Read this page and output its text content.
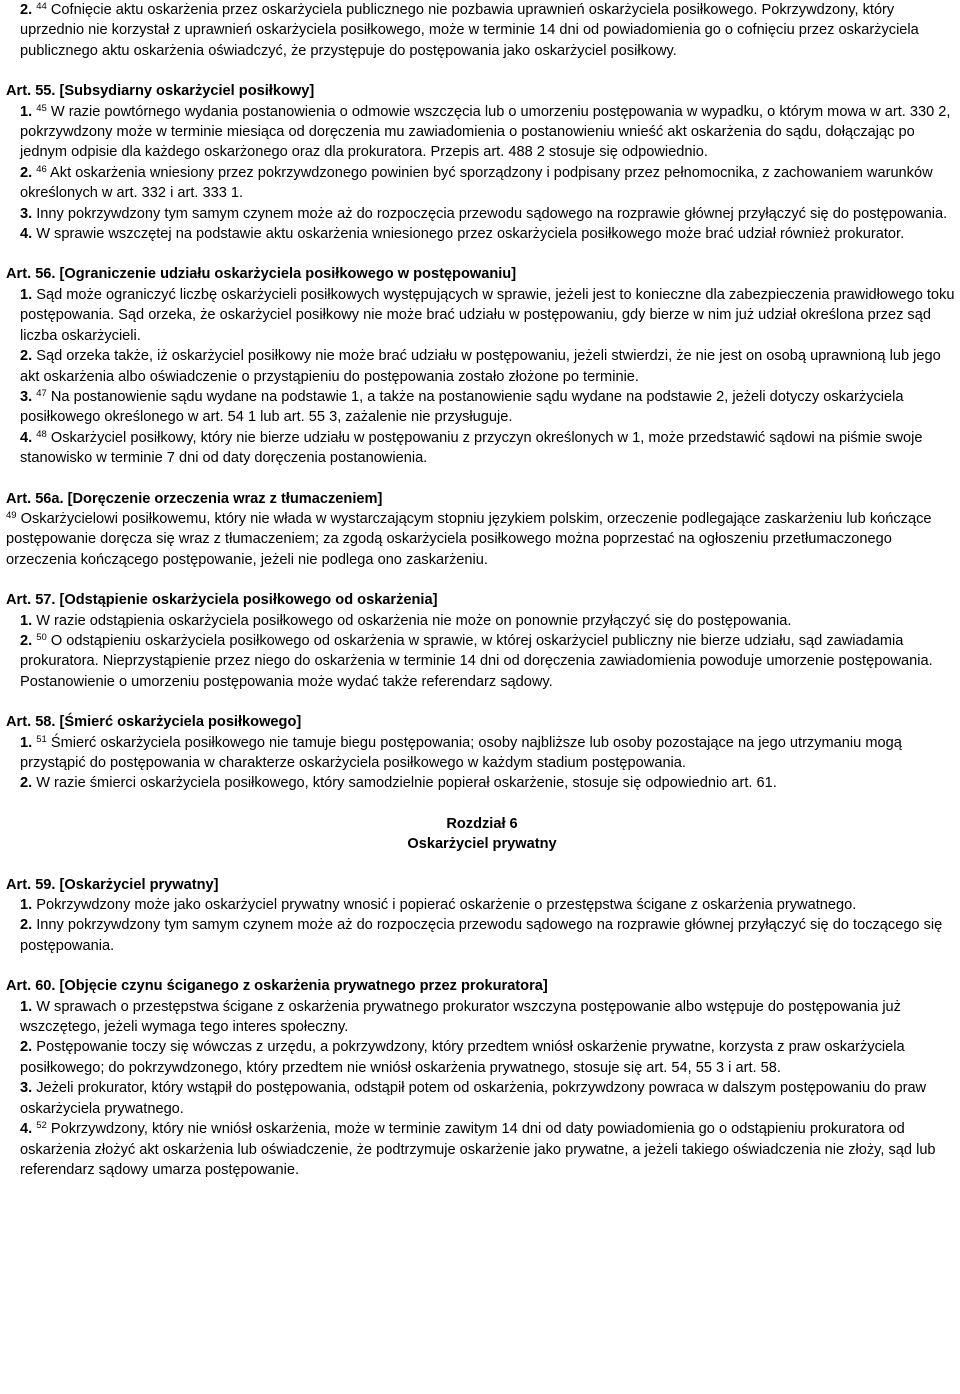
2. $^{44}$ Cofnięcie aktu oskarżenia przez oskarżyciela publicznego nie pozbawia uprawnień oskarżyciela posiłkowego. Pokrzywdzony, który uprzednio nie korzystał z uprawnień oskarżyciela posiłkowego, może w terminie 14 dni od powiadomienia go o cofnięciu przez oskarżyciela publicznego aktu oskarżenia oświadczyć, że przystępuje do postępowania jako oskarżyciel posiłkowy.

Art. 55. [Subsydiarny oskarżyciel posiłkowy]

1. $^{45}$ W razie powtórnego wydania postanowienia o odmowie wszczęcia lub o umorzeniu postępowania w wypadku, o którym mowa w art. 330 2, pokrzywdzony może w terminie miesiąca od doręczenia mu zawiadomienia o postanowieniu wnieść akt oskarżenia do sądu, dołączając po jednym odpisie dla każdego oskarżonego oraz dla prokuratora. Przepis art. 488 2 stosuje się odpowiednio.

2. $^{46}$ Akt oskarżenia wniesiony przez pokrzywdzonego powinien być sporządzony i podpisany przez pełnomocnika, z zachowaniem warunków określonych w art. 332 i art. 333 1.

3. Inny pokrzywdzony tym samym czynem może aż do rozpoczęcia przewodu sądowego na rozprawie głównej przyłączyć się do postępowania.

4. W sprawie wszczętej na podstawie aktu oskarżenia wniesionego przez oskarżyciela posiłkowego może brać udział również prokurator.

Art. 56. [Ograniczenie udziału oskarżyciela posiłkowego w postępowaniu]

1. Sąd może ograniczyć liczbę oskarżycieli posiłkowych występujących w sprawie, jeżeli jest to konieczne dla zabezpieczenia prawidłowego toku postępowania. Sąd orzeka, że oskarżyciel posiłkowy nie może brać udziału w postępowaniu, gdy bierze w nim już udział określona przez sąd liczba oskarżycieli.

2. Sąd orzeka także, iż oskarżyciel posiłkowy nie może brać udziału w postępowaniu, jeżeli stwierdzi, że nie jest on osobą uprawnioną lub jego akt oskarżenia albo oświadczenie o przystąpieniu do postępowania zostało złożone po terminie.

3. $^{47}$ Na postanowienie sądu wydane na podstawie 1, a także na postanowienie sądu wydane na podstawie 2, jeżeli dotyczy oskarżyciela posiłkowego określonego w art. 54 1 lub art. 55 3, zażalenie nie przysługuje.

4. $^{48}$ Oskarżyciel posiłkowy, który nie bierze udziału w postępowaniu z przyczyn określonych w 1, może przedstawić sądowi na piśmie swoje stanowisko w terminie 7 dni od daty doręczenia postanowienia.

Art. 56a. [Doręczenie orzeczenia wraz z tłumaczeniem]

$^{49}$ Oskarżycielowi posiłkowemu, który nie włada w wystarczającym stopniu językiem polskim, orzeczenie podlegające zaskarżeniu lub kończące postępowanie doręcza się wraz z tłumaczeniem; za zgodą oskarżyciela posiłkowego można poprzestać na ogłoszeniu przetłumaczonego orzeczenia kończącego postępowanie, jeżeli nie podlega ono zaskarżeniu.

Art. 57. [Odstąpienie oskarżyciela posiłkowego od oskarżenia]

1. W razie odstąpienia oskarżyciela posiłkowego od oskarżenia nie może on ponownie przyłączyć się do postępowania.

2. $^{50}$ O odstąpieniu oskarżyciela posiłkowego od oskarżenia w sprawie, w której oskarżyciel publiczny nie bierze udziału, sąd zawiadamia prokuratora. Nieprzystąpienie przez niego do oskarżenia w terminie 14 dni od doręczenia zawiadomienia powoduje umorzenie postępowania. Postanowienie o umorzeniu postępowania może wydać także referendarz sądowy.

Art. 58. [Śmierć oskarżyciela posiłkowego]

1. $^{51}$ Śmierć oskarżyciela posiłkowego nie tamuje biegu postępowania; osoby najbliższe lub osoby pozostające na jego utrzymaniu mogą przystąpić do postępowania w charakterze oskarżyciela posiłkowego w każdym stadium postępowania.

2. W razie śmierci oskarżyciela posiłkowego, który samodzielnie popierał oskarżenie, stosuje się odpowiednio art. 61.

Rozdział 6

Oskarżyciel prywatny

Art. 59. [Oskarżyciel prywatny]

1. Pokrzywdzony może jako oskarżyciel prywatny wnosić i popierać oskarżenie o przestępstwa ścigane z oskarżenia prywatnego.

2. Inny pokrzywdzony tym samym czynem może aż do rozpoczęcia przewodu sądowego na rozprawie głównej przyłączyć się do toczącego się postępowania.

Art. 60. [Objęcie czynu ściganego z oskarżenia prywatnego przez prokuratora]

1. W sprawach o przestępstwa ścigane z oskarżenia prywatnego prokurator wszczyna postępowanie albo wstępuje do postępowania już wszczętego, jeżeli wymaga tego interes społeczny.

2. Postępowanie toczy się wówczas z urzędu, a pokrzywdzony, który przedtem wniósł oskarżenie prywatne, korzysta z praw oskarżyciela posiłkowego; do pokrzywdzonego, który przedtem nie wniósł oskarżenia prywatnego, stosuje się art. 54, 55 3 i art. 58.

3. Jeżeli prokurator, który wstąpił do postępowania, odstąpił potem od oskarżenia, pokrzywdzony powraca w dalszym postępowaniu do praw oskarżyciela prywatnego.

4. $^{52}$ Pokrzywdzony, który nie wniósł oskarżenia, może w terminie zawitym 14 dni od daty powiadomienia go o odstąpieniu prokuratora od oskarżenia złożyć akt oskarżenia lub oświadczenie, że podtrzymuje oskarżenie jako prywatne, a jeżeli takiego oświadczenia nie złoży, sąd lub referendarz sądowy umarza postępowanie.
